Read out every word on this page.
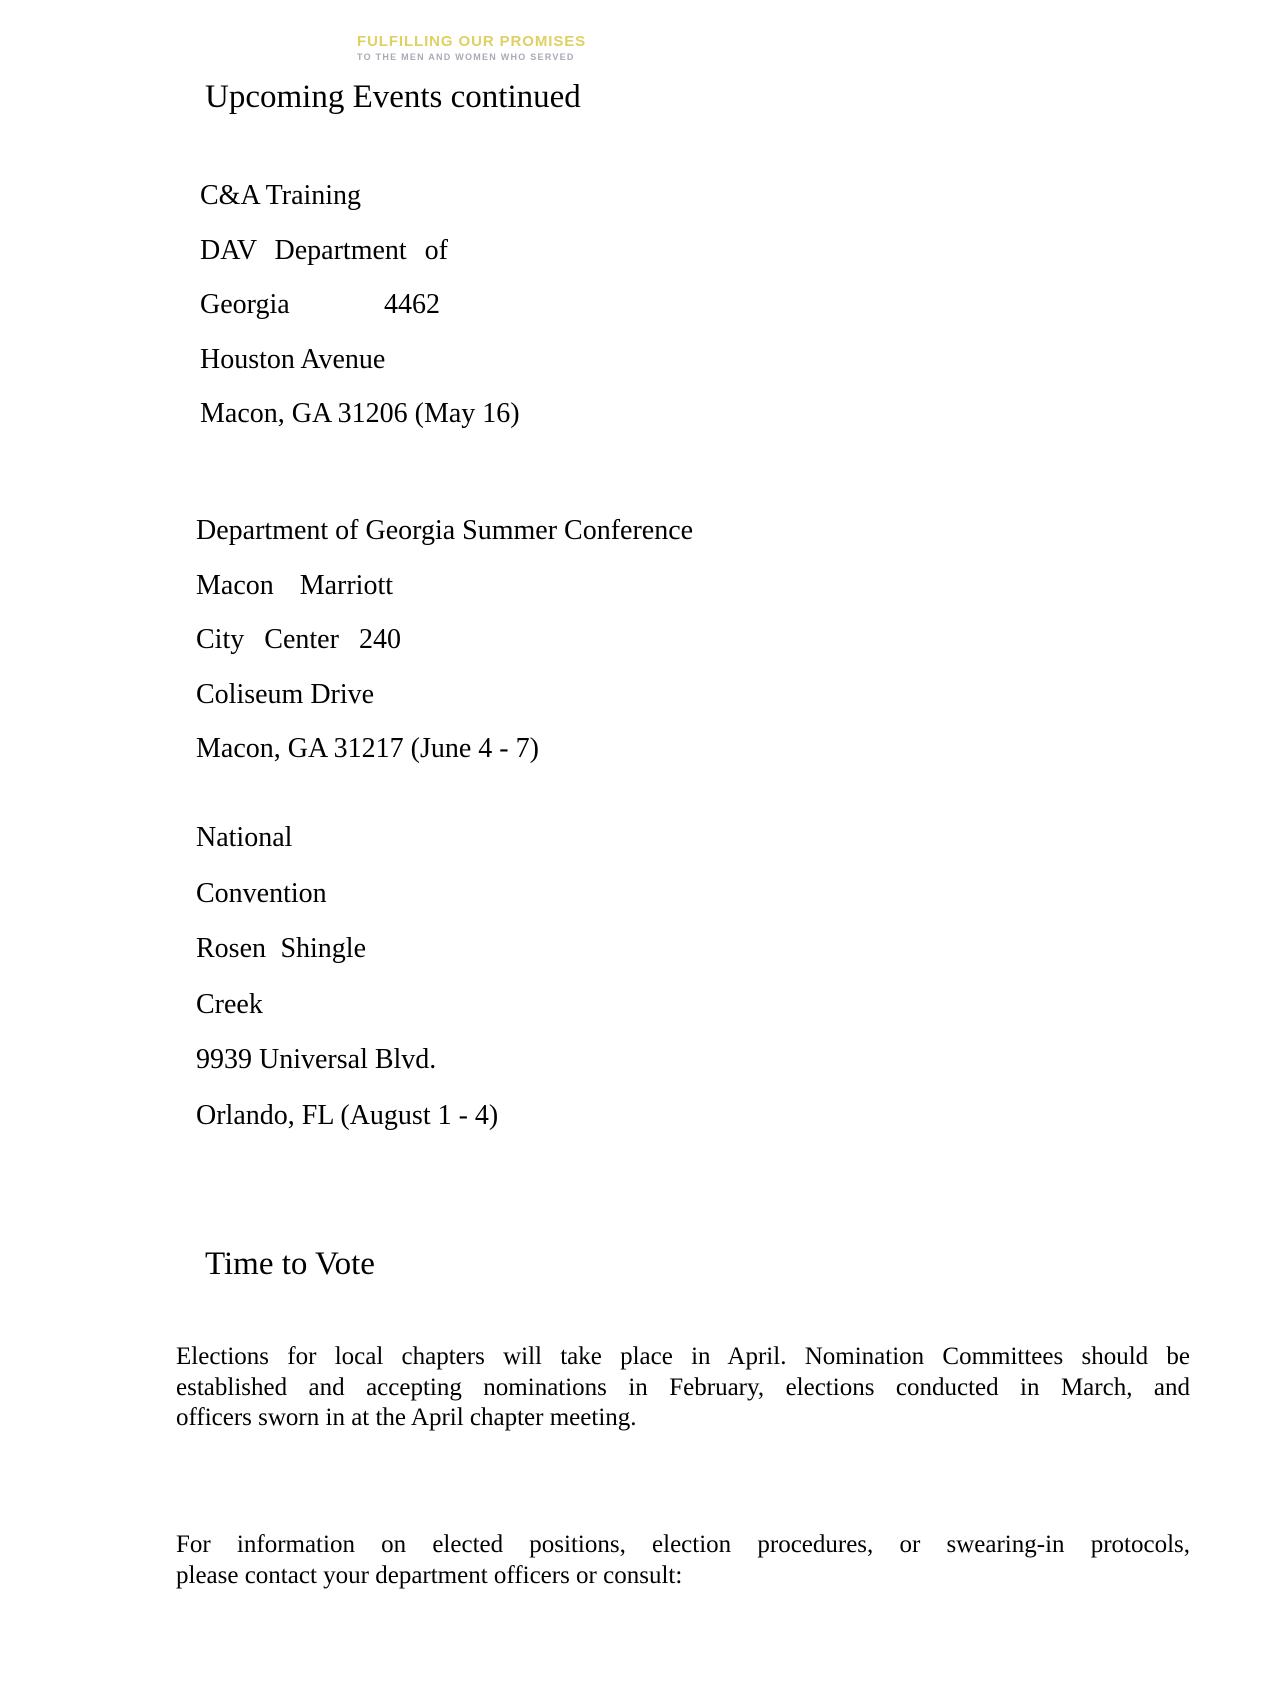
FULFILLING OUR PROMISES
TO THE MEN AND WOMEN WHO SERVED
Upcoming Events continued
C&A Training
DAV Department of
Georgia 4462
Houston Avenue
Macon, GA 31206 (May 16)
Department of Georgia Summer Conference
Macon Marriott
City Center 240
Coliseum Drive
Macon, GA 31217 (June 4 - 7)
National
Convention
Rosen Shingle
Creek
9939 Universal Blvd.
Orlando, FL (August 1 - 4)
Time to Vote
Elections for local chapters will take place in April. Nomination Committees should be
established and accepting nominations in February, elections conducted in March, and
officers sworn in at the April chapter meeting.
For information on elected positions, election procedures, or swearing-in protocols,
please contact your department officers or consult:
